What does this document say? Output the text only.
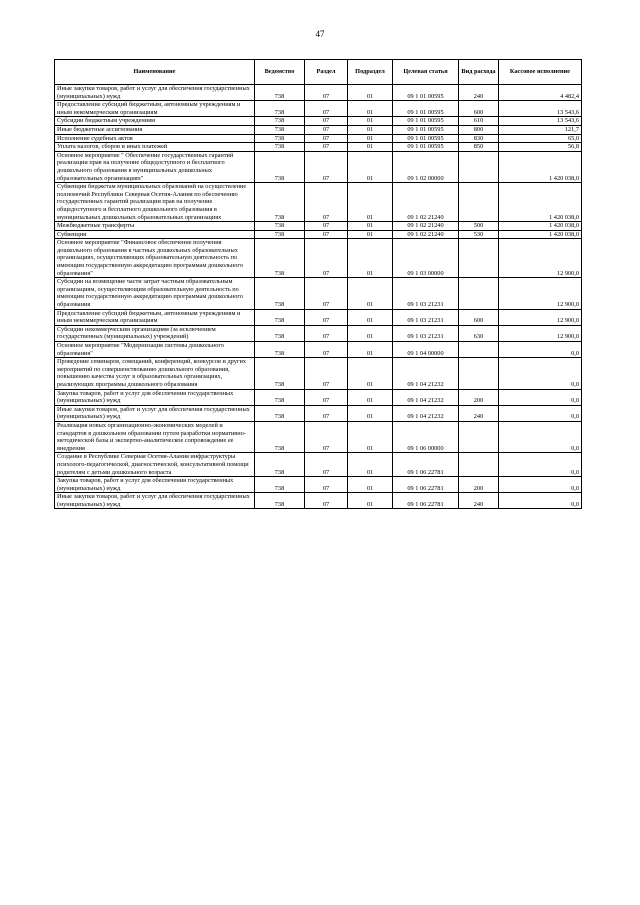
47
Наименование	Ведомство	Раздел	Подраздел	Целевая статья	Вид расхода	Кассовое исполнение
Иные закупки товаров, работ и услуг для обеспечения государственных (муниципальных) нужд	738	07	01	09 1 01 00595	240	4 482,4
Предоставление субсидий бюджетным, автономным учреждениям и иным некоммерческим организациям	738	07	01	09 1 01 00595	600	13 543,6
Субсидии бюджетным учреждениям	738	07	01	09 1 01 00595	610	13 543,6
Иные бюджетные ассигнования	738	07	01	09 1 01 00595	800	121,7
Исполнение судебных актов	738	07	01	09 1 01 00595	830	65,0
Уплата налогов, сборов и иных платежей	738	07	01	09 1 01 00595	850	56,8
Основное мероприятие " Обеспечение государственных гарантий реализации прав на получение общедоступного и бесплатного дошкольного образования в муниципальных дошкольных образовательных организациях"	738	07	01	09 1 02 00000		1 420 038,0
Субвенции бюджетам муниципальных образований на осуществление полномочий Республики Северная Осетия-Алания по обеспечению государственных гарантий реализации прав на получение общедоступного и бесплатного дошкольного образования в муниципальных дошкольных образовательных организациях	738	07	01	09 1 02 21240		1 420 038,0
Межбюджетные трансферты	738	07	01	09 1 02 21240	500	1 420 038,0
Субвенции	738	07	01	09 1 02 21240	530	1 420 038,0
Основное мероприятие "Финансовое обеспечение получения дошкольного образования в частных дошкольных образовательных организациях, осуществляющих образовательную деятельность по имеющим государственную аккредитацию программам дошкольного образования"	738	07	01	09 1 03 00000		12 900,0
Субсидии на возмещение части затрат частным образовательным организациям, осуществляющим образовательную деятельность по имеющим государственную аккредитацию программам дошкольного образования	738	07	01	09 1 03 21231		12 900,0
Предоставление субсидий бюджетным, автономным учреждениям и иным некоммерческим организациям	738	07	01	09 1 03 21231	600	12 900,0
Субсидии некоммерческим организациям (за исключением государственных (муниципальных) учреждений)	738	07	01	09 1 03 21231	630	12 900,0
Основное мероприятие "Модернизация системы дошкольного образования"	738	07	01	09 1 04 00000		0,0
Проведение семинаров, совещаний, конференций, конкурсов и других мероприятий по совершенствованию дошкольного образования, повышению качества услуг в образовательных организациях, реализующих программы дошкольного образования	738	07	01	09 1 04 21232		0,0
Закупка товаров, работ и услуг для обеспечения государственных (муниципальных) нужд	738	07	01	09 1 04 21232	200	0,0
Иные закупки товаров, работ и услуг для обеспечения государственных (муниципальных) нужд	738	07	01	09 1 04 21232	240	0,0
Реализация новых организационно-экономических моделей и стандартов в дошкольном образовании путем разработки нормативно-методической базы и экспертно-аналитическое сопровождение ее внедрения	738	07	01	09 1 06 00000		0,0
Создание в Республике Северная Осетия-Алания инфраструктуры психолого-педагогической, диагностической, консультативной помощи родителям с детьми дошкольного возраста	738	07	01	09 1 06 22781		0,0
Закупка товаров, работ и услуг для обеспечения государственных (муниципальных) нужд	738	07	01	09 1 06 22781	200	0,0
Иные закупки товаров, работ и услуг для обеспечения государственных (муниципальных) нужд	738	07	01	09 1 06 22781	240	0,0
